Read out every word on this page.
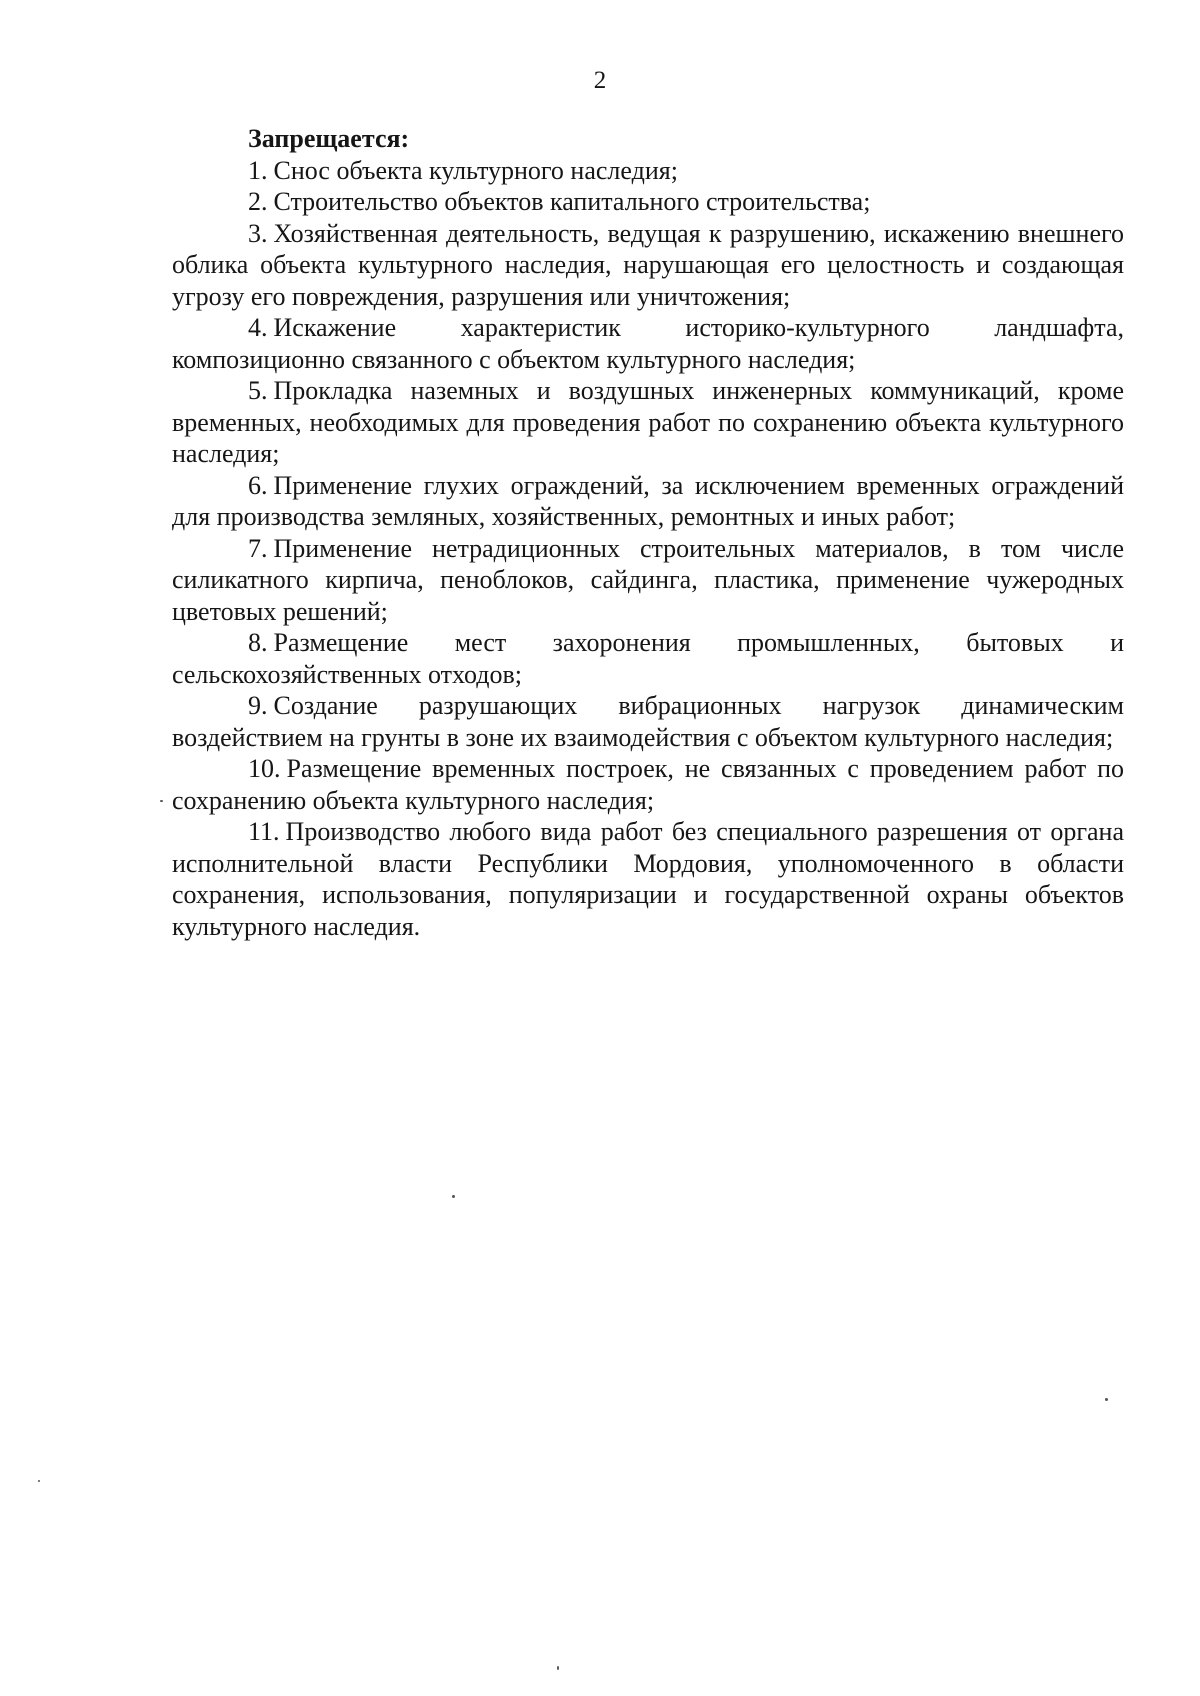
2

Запрещается:

1. Снос объекта культурного наследия;
2. Строительство объектов капитального строительства;
3. Хозяйственная деятельность, ведущая к разрушению, искажению внешнего облика объекта культурного наследия, нарушающая его целостность и создающая угрозу его повреждения, разрушения или уничтожения;
4. Искажение характеристик историко-культурного ландшафта, композиционно связанного с объектом культурного наследия;
5. Прокладка наземных и воздушных инженерных коммуникаций, кроме временных, необходимых для проведения работ по сохранению объекта культурного наследия;
6. Применение глухих ограждений, за исключением временных ограждений для производства земляных, хозяйственных, ремонтных и иных работ;
7. Применение нетрадиционных строительных материалов, в том числе силикатного кирпича, пеноблоков, сайдинга, пластика, применение чужеродных цветовых решений;
8. Размещение мест захоронения промышленных, бытовых и сельскохозяйственных отходов;
9. Создание разрушающих вибрационных нагрузок динамическим воздействием на грунты в зоне их взаимодействия с объектом культурного наследия;
10. Размещение временных построек, не связанных с проведением работ по сохранению объекта культурного наследия;
11. Производство любого вида работ без специального разрешения от органа исполнительной власти Республики Мордовия, уполномоченного в области сохранения, использования, популяризации и государственной охраны объектов культурного наследия.
